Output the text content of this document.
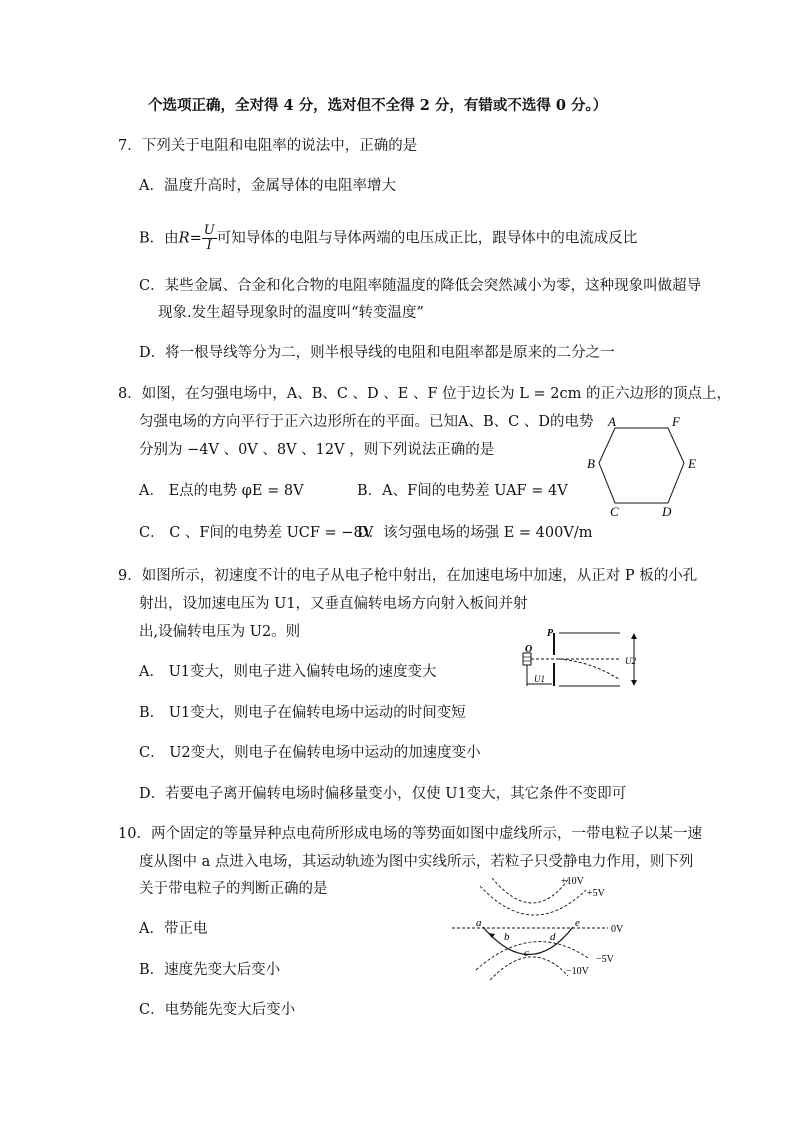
个选项正确，全对得 4 分，选对但不全得 2 分，有错或不选得 0 分。）
7．下列关于电阻和电阻率的说法中，正确的是
A．温度升高时，金属导体的电阻率增大
B．由$R= \frac{U}{I}$ 可知导体的电阻与导体两端的电压成正比，跟导体中的电流成反比
C．某些金属、合金和化合物的电阻率随温度的降低会突然减小为零，这种现象叫做超导
现象.发生超导现象时的温度叫“转变温度”
D．将一根导线等分为二，则半根导线的电阻和电阻率都是原来的二分之一
8．如图，在匀强电场中，A、B、C 、D 、E 、F 位于边长为 L = 2cm 的正六边形的顶点上，
匀强电场的方向平行于正六边形所在的平面。已知A、B、C 、D的电势
分别为 −4V 、0V 、8V 、12V ，则下列说法正确的是
A． E点的电势 φE = 8V	B．A、F间的电势差 UAF = 4V
C． C 、F间的电势差 UCF = −8V
D．该匀强电场的场强 E = 400V/m
A	F
B	E
C	D
9．如图所示，初速度不计的电子从电子枪中射出，在加速电场中加速，从正对 P 板的小孔
射出，设加速电压为 U1，又垂直偏转电场方向射入板间并射
出,设偏转电压为 U2。则
A． U1变大，则电子进入偏转电场的速度变大
B． U1变大，则电子在偏转电场中运动的时间变短
C． U2变大，则电子在偏转电场中运动的加速度变小
D．若要电子离开偏转电场时偏移量变小，仅使 U1变大，其它条件不变即可
P
O
U1
U2
10．两个固定的等量异种点电荷所形成电场的等势面如图中虚线所示，一带电粒子以某一速
度从图中 a 点进入电场，其运动轨迹为图中实线所示，若粒子只受静电力作用，则下列
关于带电粒子的判断正确的是
A．带正电
B．速度先变大后变小
C．电势能先变大后变小
a
b
c
d
e
+10V
+5V
0V
−5V
−10V
